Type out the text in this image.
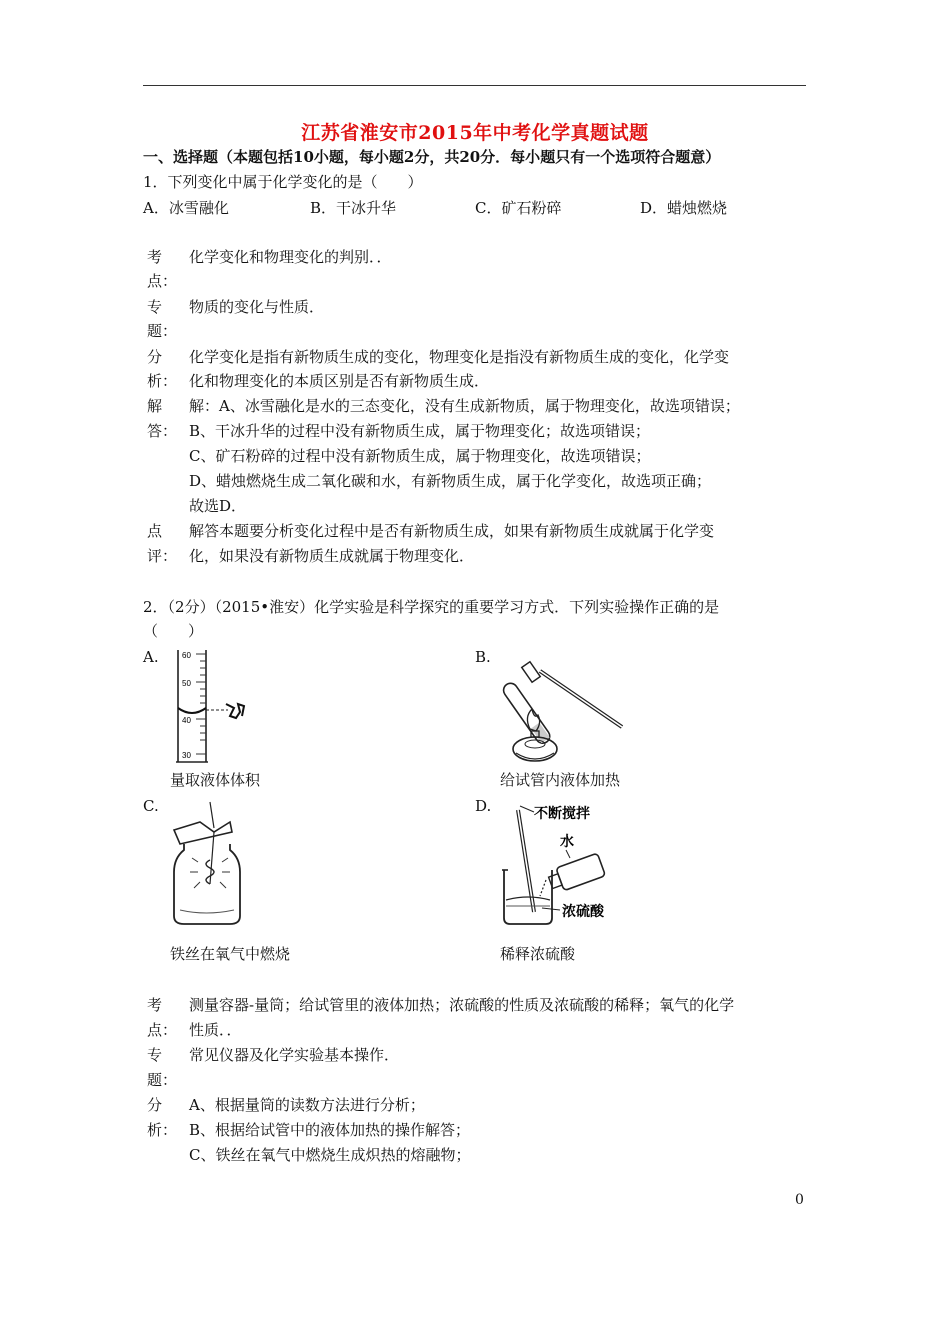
江苏省淮安市2015年中考化学真题试题
一、选择题（本题包括10小题，每小题2分，共20分．每小题只有一个选项符合题意）
1．下列变化中属于化学变化的是（　　）
A．冰雪融化	B．干冰升华	C．矿石粉碎	D．蜡烛燃烧
考
点：
化学变化和物理变化的判别．．
专
题：
物质的变化与性质．
分
析：
化学变化是指有新物质生成的变化，物理变化是指没有新物质生成的变化，化学变
化和物理变化的本质区别是否有新物质生成．
解
答：
解：A、冰雪融化是水的三态变化，没有生成新物质，属于物理变化，故选项错误；
B、干冰升华的过程中没有新物质生成，属于物理变化；故选项错误；
C、矿石粉碎的过程中没有新物质生成，属于物理变化，故选项错误；
D、蜡烛燃烧生成二氧化碳和水，有新物质生成，属于化学变化，故选项正确；
故选D．
点
评：
解答本题要分析变化过程中是否有新物质生成，如果有新物质生成就属于化学变
化，如果没有新物质生成就属于物理变化．
2．（2分）（2015•淮安）化学实验是科学探究的重要学习方式．下列实验操作正确的是
（　　）
A.	B.
60
50
40
30
量取液体体积	给试管内液体加热
C.	D.	不断搅拌
水
浓硫酸
铁丝在氧气中燃烧	稀释浓硫酸
考
点：
测量容器-量筒；给试管里的液体加热；浓硫酸的性质及浓硫酸的稀释；氧气的化学
性质．．
专
题：
常见仪器及化学实验基本操作．
分
析：
A、根据量筒的读数方法进行分析；
B、根据给试管中的液体加热的操作解答；
C、铁丝在氧气中燃烧生成炽热的熔融物；
0
